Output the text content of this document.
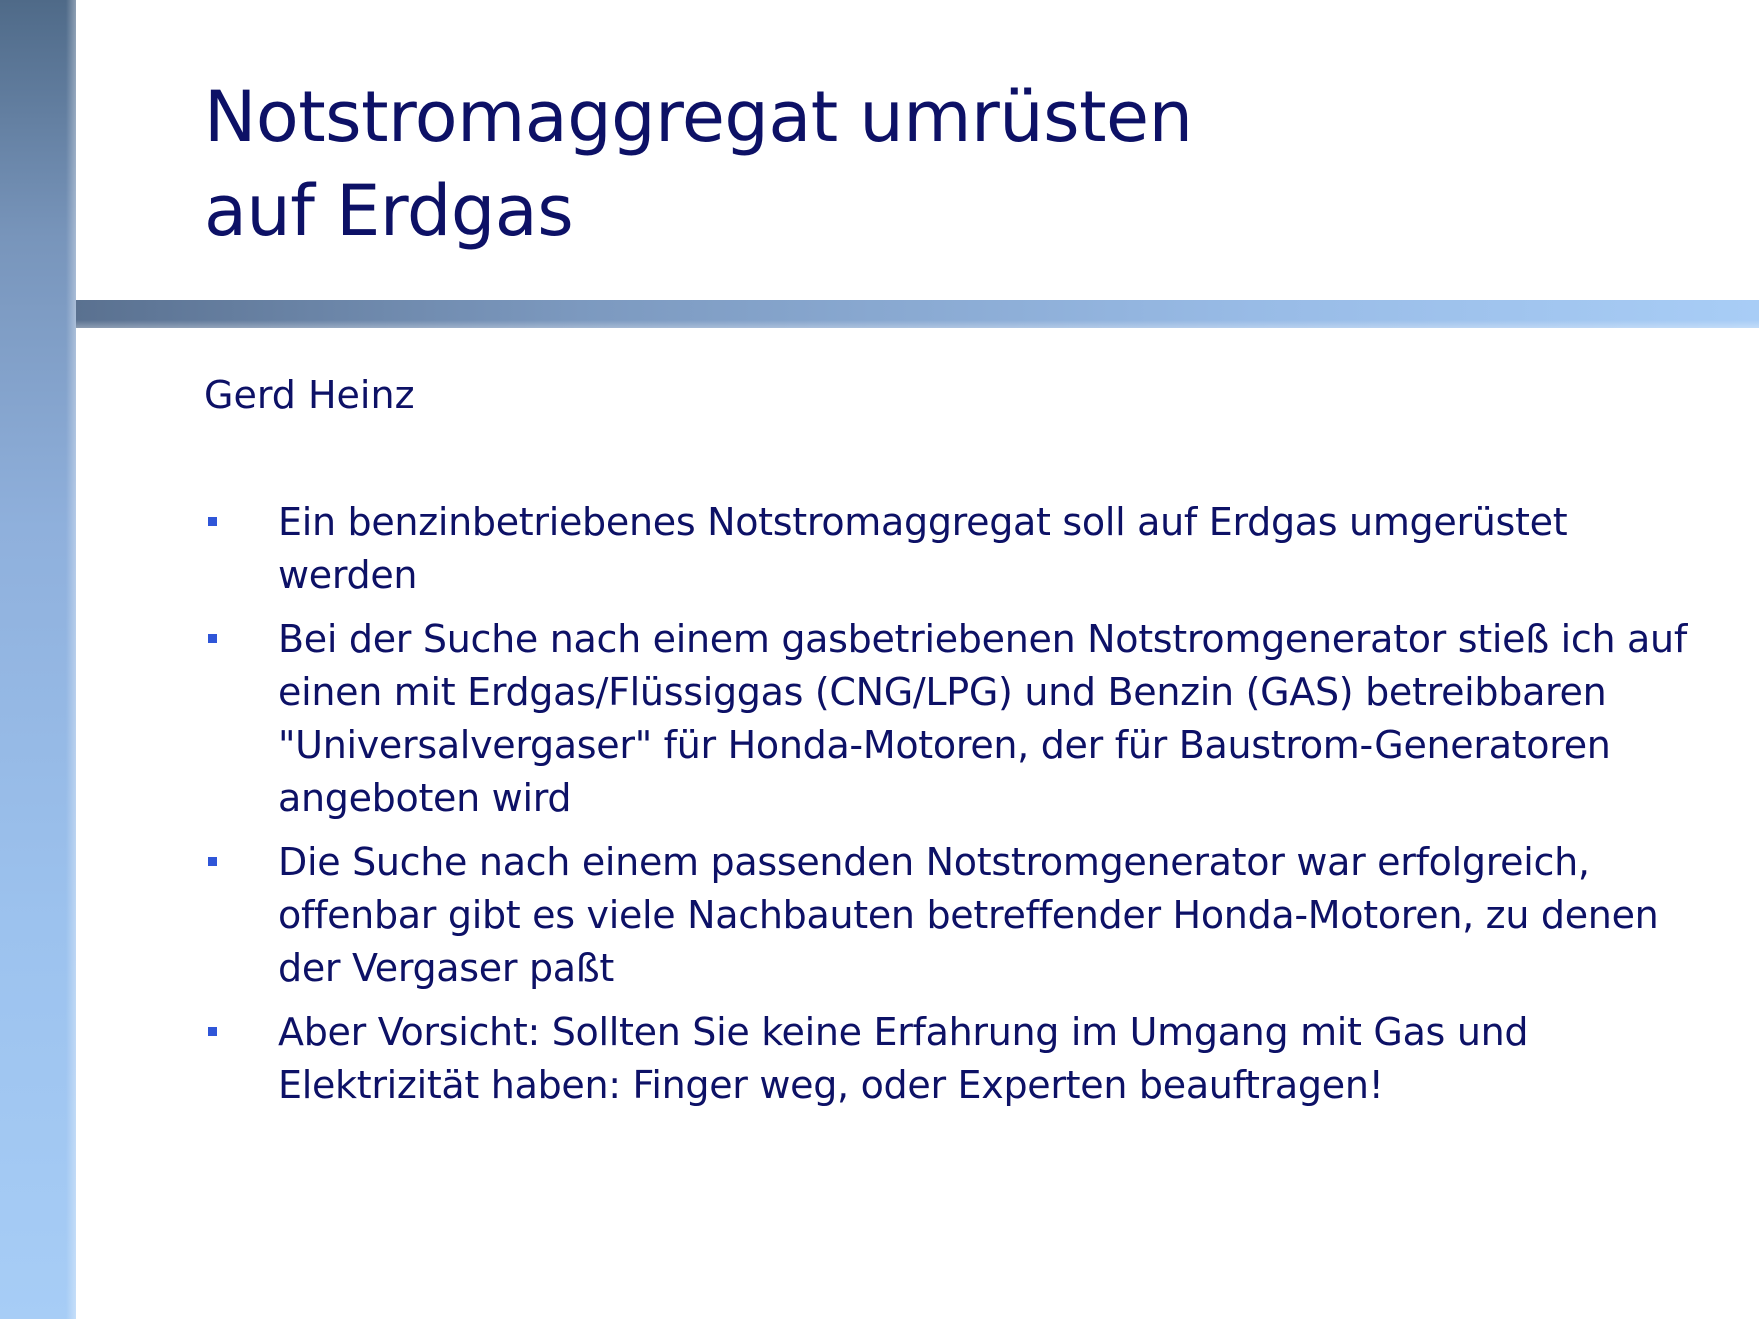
Notstromaggregat umrüsten
auf Erdgas
Gerd Heinz
Ein benzinbetriebenes Notstromaggregat soll auf Erdgas umgerüstet werden
Bei der Suche nach einem gasbetriebenen Notstromgenerator stieß ich auf einen mit Erdgas/Flüssiggas (CNG/LPG) und Benzin (GAS) betreibbaren "Universalvergaser" für Honda-Motoren, der für Baustrom-Generatoren angeboten wird
Die Suche nach einem passenden Notstromgenerator war erfolgreich, offenbar gibt es viele Nachbauten betreffender Honda-Motoren, zu denen der Vergaser paßt
Aber Vorsicht: Sollten Sie keine Erfahrung im Umgang mit Gas und Elektrizität haben: Finger weg, oder Experten beauftragen!
